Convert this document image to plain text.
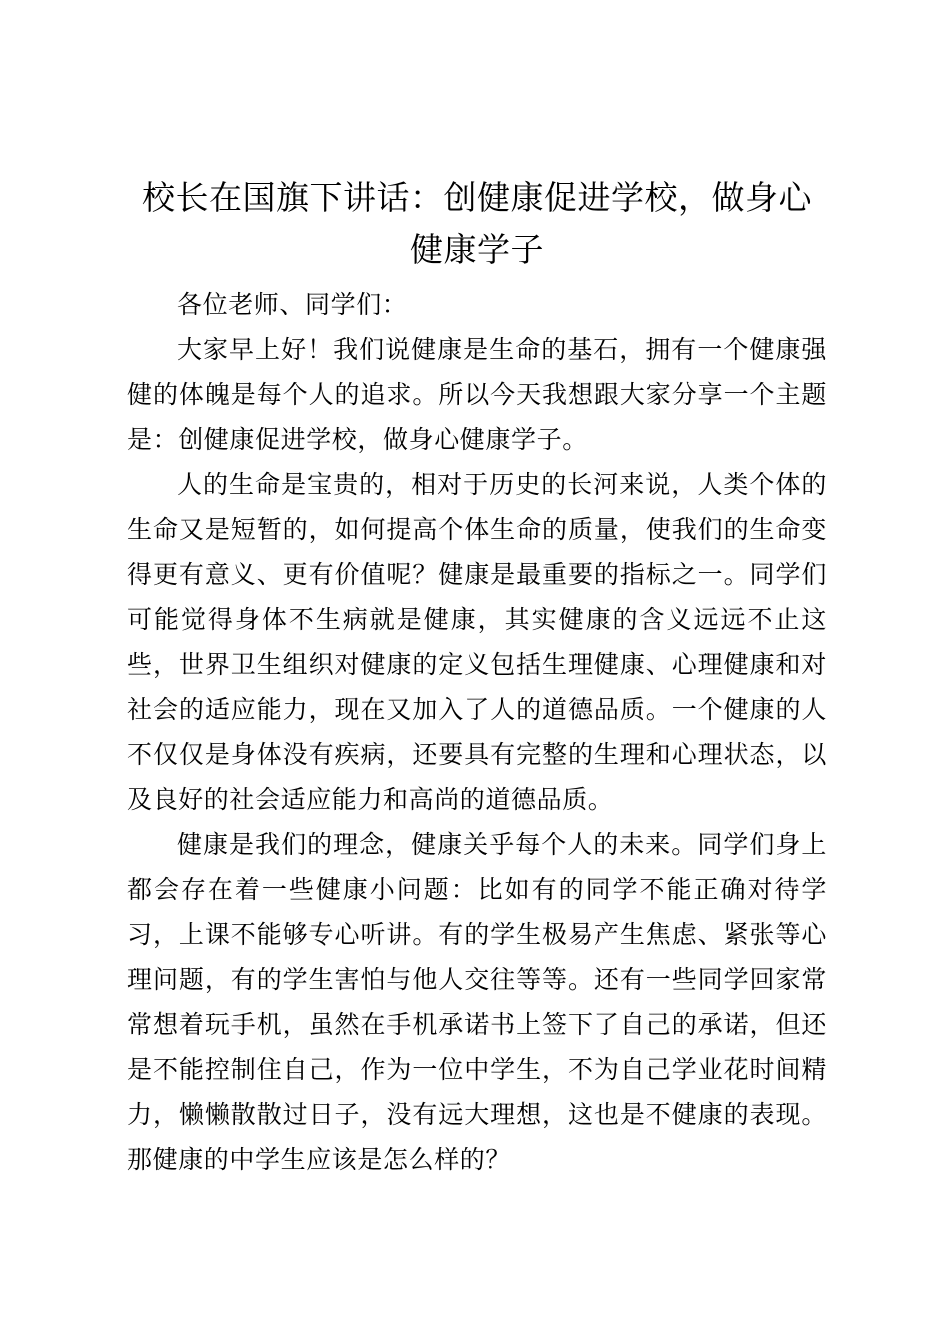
校长在国旗下讲话：创健康促进学校，做身心
健康学子

各位老师、同学们：

大家早上好！我们说健康是生命的基石，拥有一个健康强健的体魄是每个人的追求。所以今天我想跟大家分享一个主题是：创健康促进学校，做身心健康学子。

人的生命是宝贵的，相对于历史的长河来说，人类个体的生命又是短暂的，如何提高个体生命的质量，使我们的生命变得更有意义、更有价值呢？健康是最重要的指标之一。同学们可能觉得身体不生病就是健康，其实健康的含义远远不止这些，世界卫生组织对健康的定义包括生理健康、心理健康和对社会的适应能力，现在又加入了人的道德品质。一个健康的人不仅仅是身体没有疾病，还要具有完整的生理和心理状态，以及良好的社会适应能力和高尚的道德品质。

健康是我们的理念，健康关乎每个人的未来。同学们身上都会存在着一些健康小问题：比如有的同学不能正确对待学习，上课不能够专心听讲。有的学生极易产生焦虑、紧张等心理问题，有的学生害怕与他人交往等等。还有一些同学回家常常想着玩手机，虽然在手机承诺书上签下了自己的承诺，但还是不能控制住自己，作为一位中学生，不为自己学业花时间精力，懒懒散散过日子，没有远大理想，这也是不健康的表现。那健康的中学生应该是怎么样的？
